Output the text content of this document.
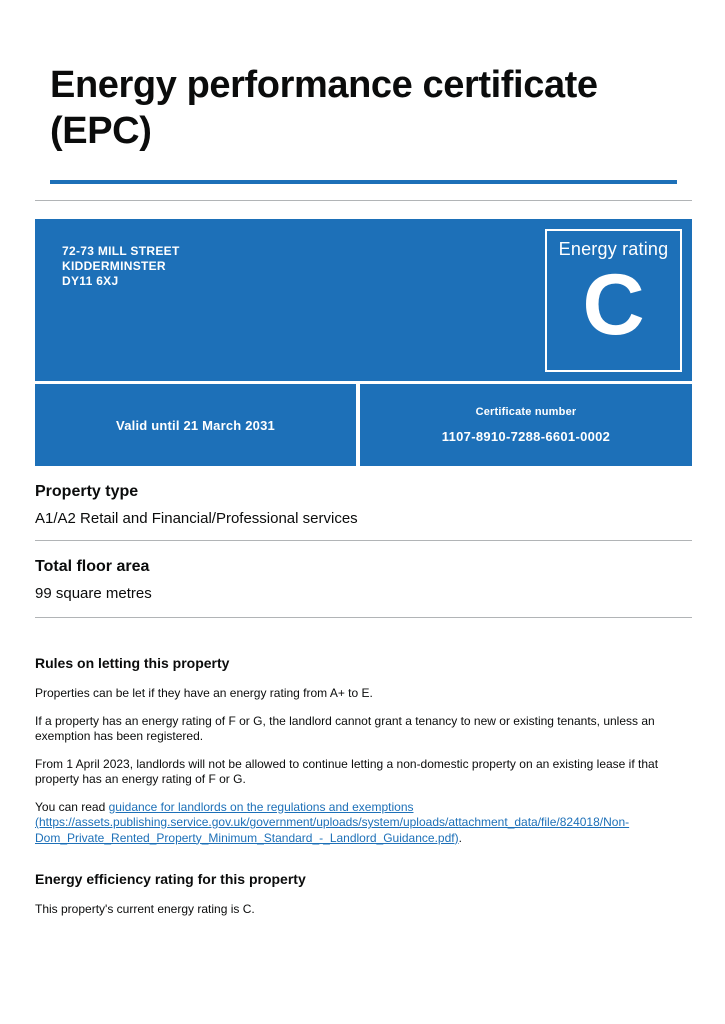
Energy performance certificate (EPC)
72-73 MILL STREET
KIDDERMINSTER
DY11 6XJ
Energy rating
C
Valid until 21 March 2031
Certificate number
1107-8910-7288-6601-0002
Property type

A1/A2 Retail and Financial/Professional services

Total floor area

99 square metres

Rules on letting this property

Properties can be let if they have an energy rating from A+ to E.

If a property has an energy rating of F or G, the landlord cannot grant a tenancy to new or existing tenants, unless an exemption has been registered.

From 1 April 2023, landlords will not be allowed to continue letting a non-domestic property on an existing lease if that property has an energy rating of F or G.

You can read guidance for landlords on the regulations and exemptions (https://assets.publishing.service.gov.uk/government/uploads/system/uploads/attachment_data/file/824018/Non-Dom_Private_Rented_Property_Minimum_Standard_-_Landlord_Guidance.pdf).

Energy efficiency rating for this property

This property's current energy rating is C.
